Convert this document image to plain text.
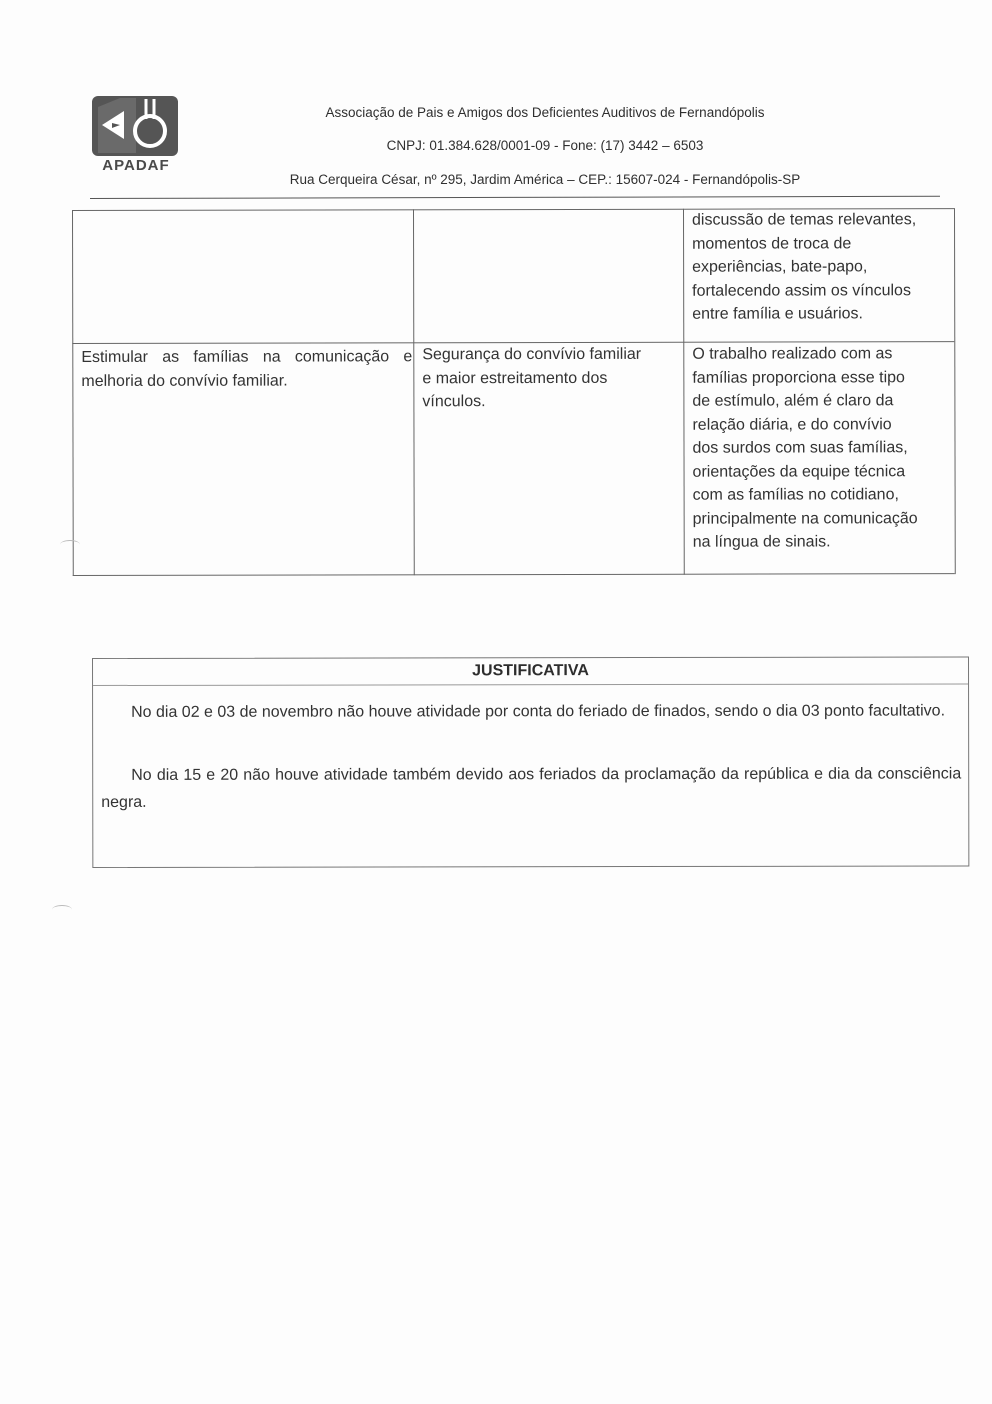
APADAF
Associação de Pais e Amigos dos Deficientes Auditivos de Fernandópolis
CNPJ: 01.384.628/0001-09 - Fone: (17) 3442 – 6503
Rua Cerqueira César, nº 295, Jardim América – CEP.: 15607-024 - Fernandópolis-SP
discussão de temas relevantes,
momentos de troca de
experiências, bate-papo,
fortalecendo assim os vínculos
entre família e usuários.
Estimular as famílias na comunicação e
melhoria do convívio familiar.
Segurança do convívio familiar
e maior estreitamento dos
vínculos.
O trabalho realizado com as
famílias proporciona esse tipo
de estímulo, além é claro da
relação diária, e do convívio
dos surdos com suas famílias,
orientações da equipe técnica
com as famílias no cotidiano,
principalmente na comunicação
na língua de sinais.
JUSTIFICATIVA

No dia 02 e 03 de novembro não houve atividade por conta do feriado de finados, sendo o dia 03 ponto facultativo.

No dia 15 e 20 não houve atividade também devido aos feriados da proclamação da república e dia da consciência negra.
